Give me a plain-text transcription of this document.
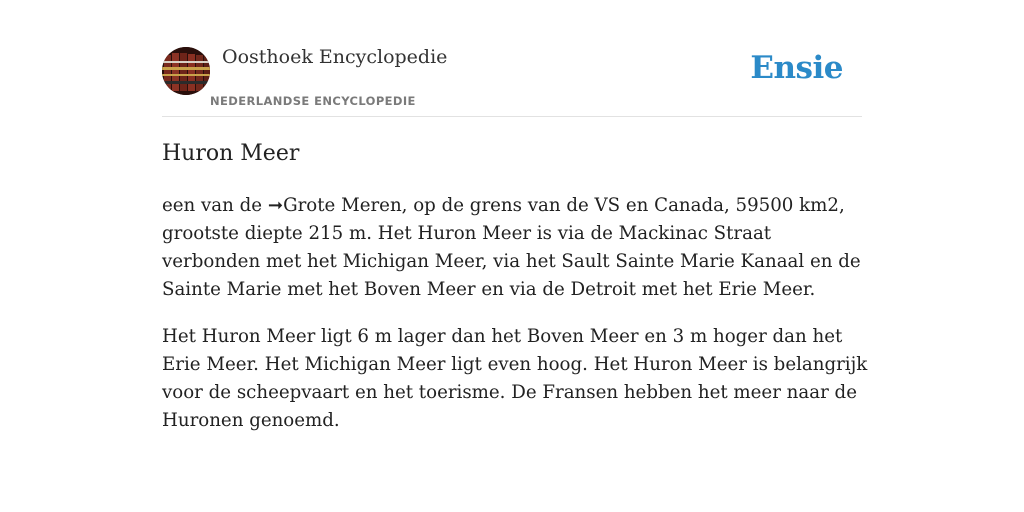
Oosthoek Encyclopedie
NEDERLANDSE ENCYCLOPEDIE
Ensie
Huron Meer

een van de ➞Grote Meren, op de grens van de VS en Canada, 59500 km2, grootste diepte 215 m. Het Huron Meer is via de Mackinac Straat verbonden met het Michigan Meer, via het Sault Sainte Marie Kanaal en de Sainte Marie met het Boven Meer en via de Detroit met het Erie Meer.

Het Huron Meer ligt 6 m lager dan het Boven Meer en 3 m hoger dan het Erie Meer. Het Michigan Meer ligt even hoog. Het Huron Meer is belangrijk voor de scheepvaart en het toerisme. De Fransen hebben het meer naar de Huronen genoemd.
